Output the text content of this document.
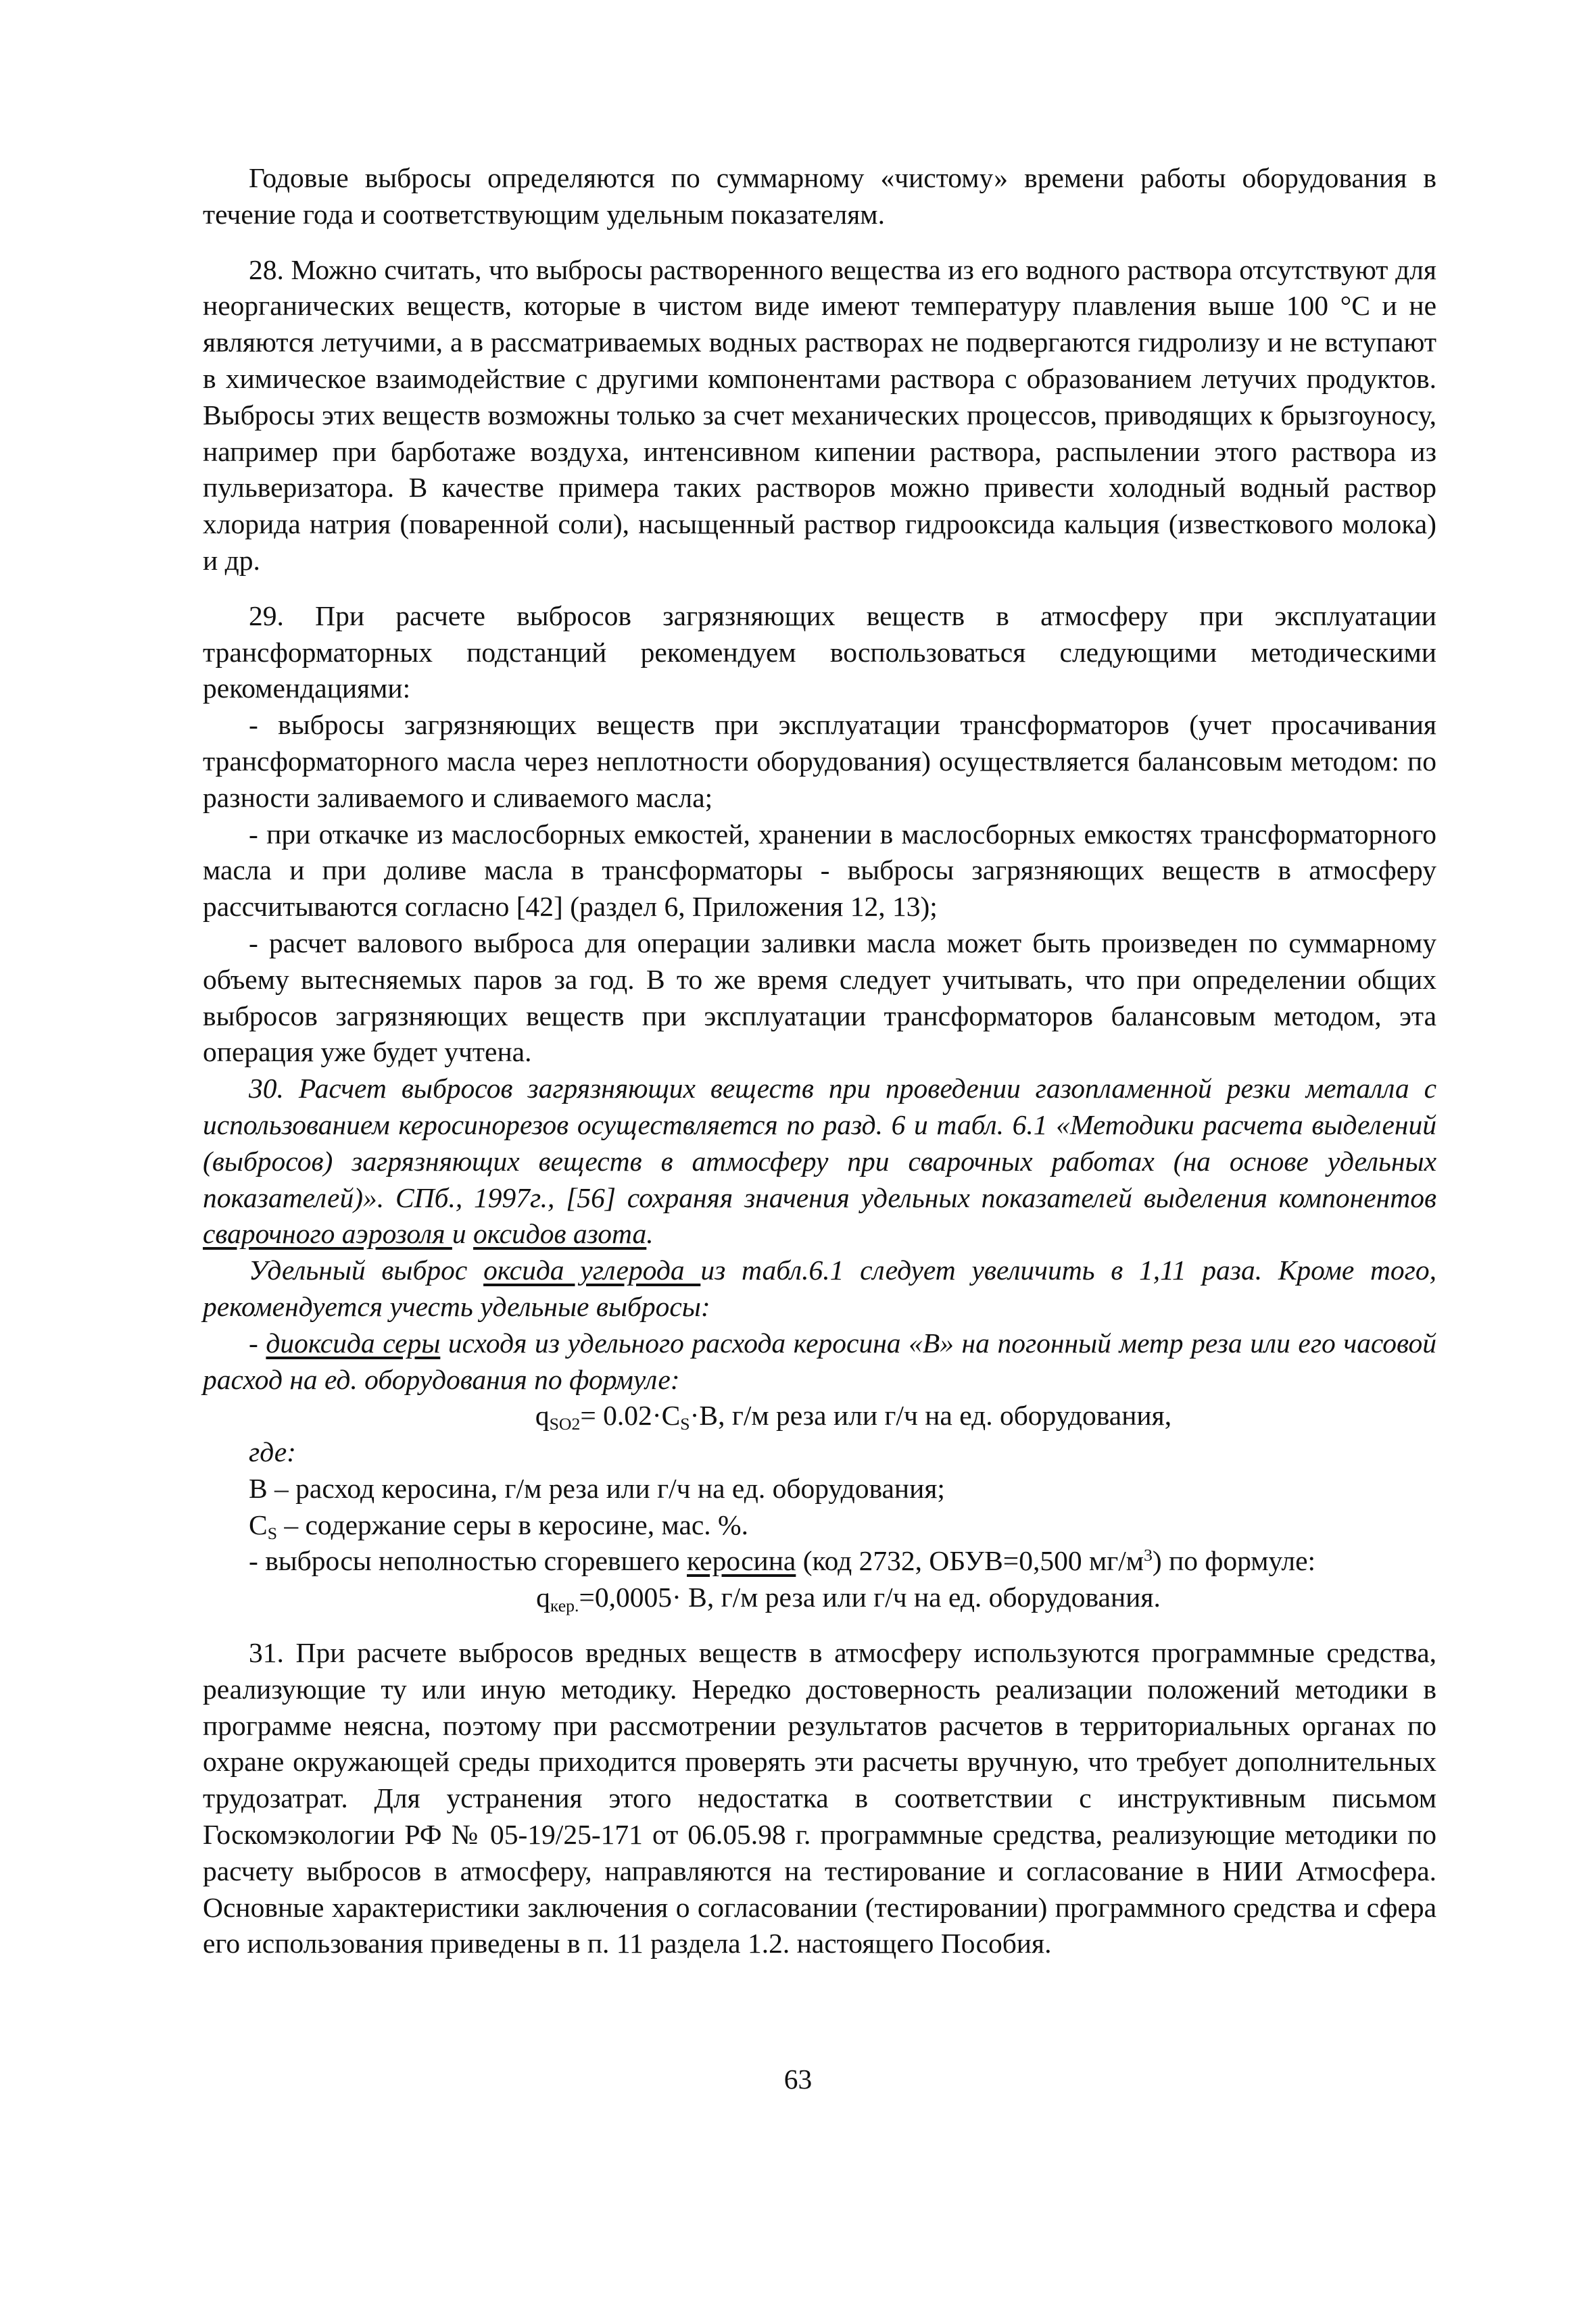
Годовые выбросы определяются по суммарному «чистому» времени работы оборудования в течение года и соответствующим удельным показателям.

28. Можно считать, что выбросы растворенного вещества из его водного раствора отсутствуют для неорганических веществ, которые в чистом виде имеют температуру плавления выше 100 °С и не являются летучими, а в рассматриваемых водных растворах не подвергаются гидролизу и не вступают в химическое взаимодействие с другими компонентами раствора с образованием летучих продуктов. Выбросы этих веществ возможны только за счет механических процессов, приводящих к брызгоуносу, например при барботаже воздуха, интенсивном кипении раствора, распылении этого раствора из пульверизатора. В качестве примера таких растворов можно привести холодный водный раствор хлорида натрия (поваренной соли), насыщенный раствор гидрооксида кальция (известкового молока) и др.

29. При расчете выбросов загрязняющих веществ в атмосферу при эксплуатации трансформаторных подстанций рекомендуем воспользоваться следующими методическими рекомендациями:

- выбросы загрязняющих веществ при эксплуатации трансформаторов (учет просачивания трансформаторного масла через неплотности оборудования) осуществляется балансовым методом: по разности заливаемого и сливаемого масла;

- при откачке из маслосборных емкостей, хранении в маслосборных емкостях трансформаторного масла и при доливе масла в трансформаторы - выбросы загрязняющих веществ в атмосферу рассчитываются согласно [42] (раздел 6, Приложения 12, 13);

- расчет валового выброса для операции заливки масла может быть произведен по суммарному объему вытесняемых паров за год. В то же время следует учитывать, что при определении общих выбросов загрязняющих веществ при эксплуатации трансформаторов балансовым методом, эта операция уже будет учтена.

30. Расчет выбросов загрязняющих веществ при проведении газопламенной резки металла с использованием керосинорезов осуществляется по разд. 6 и табл. 6.1 «Методики расчета выделений (выбросов) загрязняющих веществ в атмосферу при сварочных работах (на основе удельных показателей)». СПб., 1997г., [56] сохраняя значения удельных показателей выделения компонентов сварочного аэрозоля и оксидов азота.

Удельный выброс оксида углерода из табл.6.1 следует увеличить в 1,11 раза. Кроме того, рекомендуется учесть удельные выбросы:

- диоксида серы исходя из удельного расхода керосина «В» на погонный метр реза или его часовой расход на ед. оборудования по формуле:

$q_{SO2}= 0.02\cdot C_S\cdot B$, г/м реза или г/ч на ед. оборудования,

где:

В – расход керосина, г/м реза или г/ч на ед. оборудования;

$С_S$ – содержание серы в керосине, мас. %.

- выбросы неполностью сгоревшего керосина (код 2732, ОБУВ=0,500 $мг/м^3$) по формуле:

$q_{кер.}=0,0005\cdot В$, г/м реза или г/ч на ед. оборудования.

31. При расчете выбросов вредных веществ в атмосферу используются программные средства, реализующие ту или иную методику. Нередко достоверность реализации положений методики в программе неясна, поэтому при рассмотрении результатов расчетов в территориальных органах по охране окружающей среды приходится проверять эти расчеты вручную, что требует дополнительных трудозатрат. Для устранения этого недостатка в соответствии с инструктивным письмом Госкомэкологии РФ № 05-19/25-171 от 06.05.98 г. программные средства, реализующие методики по расчету выбросов в атмосферу, направляются на тестирование и согласование в НИИ Атмосфера. Основные характеристики заключения о согласовании (тестировании) программного средства и сфера его использования приведены в п. 11 раздела 1.2. настоящего Пособия.

63
